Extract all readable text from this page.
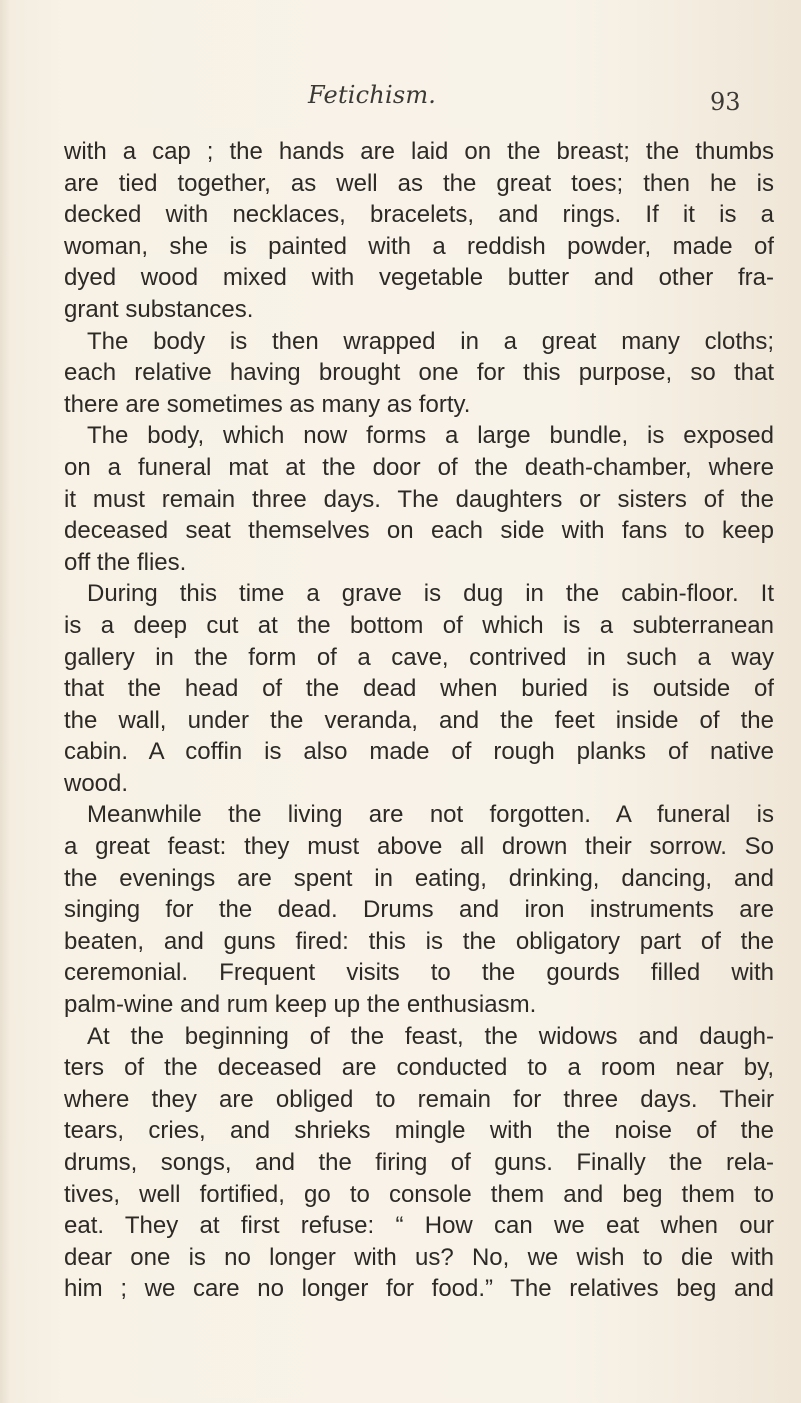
Fetichism.	93
with a cap ; the hands are laid on the breast; the thumbs
are tied together, as well as the great toes; then he is
decked with necklaces, bracelets, and rings. If it is a
woman, she is painted with a reddish powder, made of
dyed wood mixed with vegetable butter and other fra-
grant substances.
The body is then wrapped in a great many cloths;
each relative having brought one for this purpose, so that
there are sometimes as many as forty.
The body, which now forms a large bundle, is exposed
on a funeral mat at the door of the death-chamber, where
it must remain three days. The daughters or sisters of the
deceased seat themselves on each side with fans to keep
off the flies.
During this time a grave is dug in the cabin-floor. It
is a deep cut at the bottom of which is a subterranean
gallery in the form of a cave, contrived in such a way
that the head of the dead when buried is outside of
the wall, under the veranda, and the feet inside of the
cabin. A coffin is also made of rough planks of native
wood.
Meanwhile the living are not forgotten. A funeral is
a great feast: they must above all drown their sorrow. So
the evenings are spent in eating, drinking, dancing, and
singing for the dead. Drums and iron instruments are
beaten, and guns fired: this is the obligatory part of the
ceremonial. Frequent visits to the gourds filled with
palm-wine and rum keep up the enthusiasm.
At the beginning of the feast, the widows and daugh-
ters of the deceased are conducted to a room near by,
where they are obliged to remain for three days. Their
tears, cries, and shrieks mingle with the noise of the
drums, songs, and the firing of guns. Finally the rela-
tives, well fortified, go to console them and beg them to
eat. They at first refuse: “ How can we eat when our
dear one is no longer with us? No, we wish to die with
him ; we care no longer for food.” The relatives beg and
